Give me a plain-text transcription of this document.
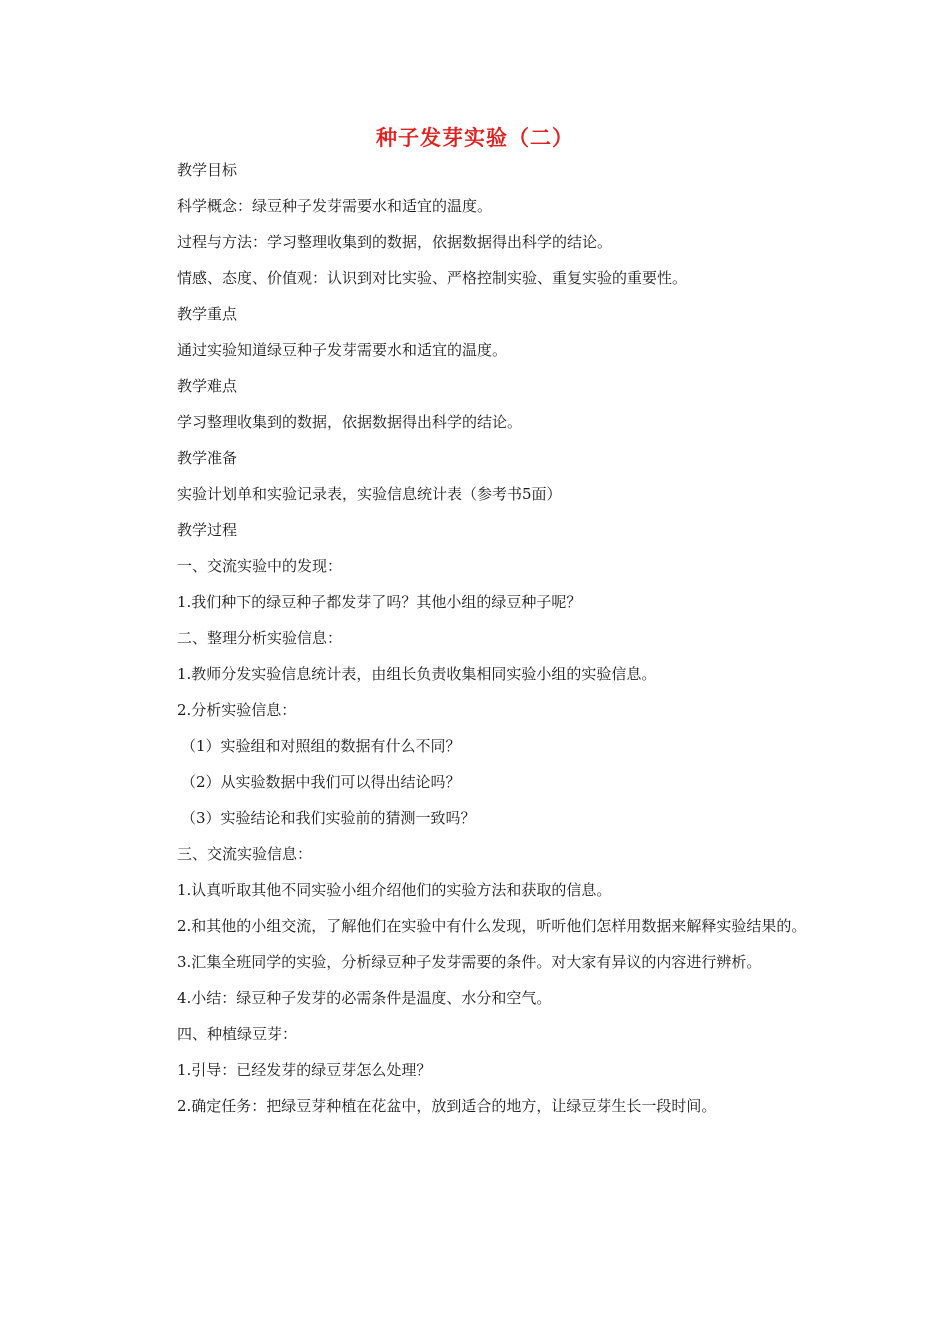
种子发芽实验（二）

教学目标

科学概念：绿豆种子发芽需要水和适宜的温度。

过程与方法：学习整理收集到的数据，依据数据得出科学的结论。

情感、态度、价值观：认识到对比实验、严格控制实验、重复实验的重要性。

教学重点

通过实验知道绿豆种子发芽需要水和适宜的温度。

教学难点

学习整理收集到的数据，依据数据得出科学的结论。

教学准备

实验计划单和实验记录表，实验信息统计表（参考书5面）

教学过程

一、交流实验中的发现：

1.我们种下的绿豆种子都发芽了吗？其他小组的绿豆种子呢？

二、整理分析实验信息：

1.教师分发实验信息统计表，由组长负责收集相同实验小组的实验信息。

2.分析实验信息：

（1）实验组和对照组的数据有什么不同？

（2）从实验数据中我们可以得出结论吗？

（3）实验结论和我们实验前的猜测一致吗？

三、交流实验信息：

1.认真听取其他不同实验小组介绍他们的实验方法和获取的信息。

2.和其他的小组交流，了解他们在实验中有什么发现，听听他们怎样用数据来解释实验结果的。

3.汇集全班同学的实验，分析绿豆种子发芽需要的条件。对大家有异议的内容进行辨析。

4.小结：绿豆种子发芽的必需条件是温度、水分和空气。

四、种植绿豆芽：

1.引导：已经发芽的绿豆芽怎么处理？

2.确定任务：把绿豆芽种植在花盆中，放到适合的地方，让绿豆芽生长一段时间。
